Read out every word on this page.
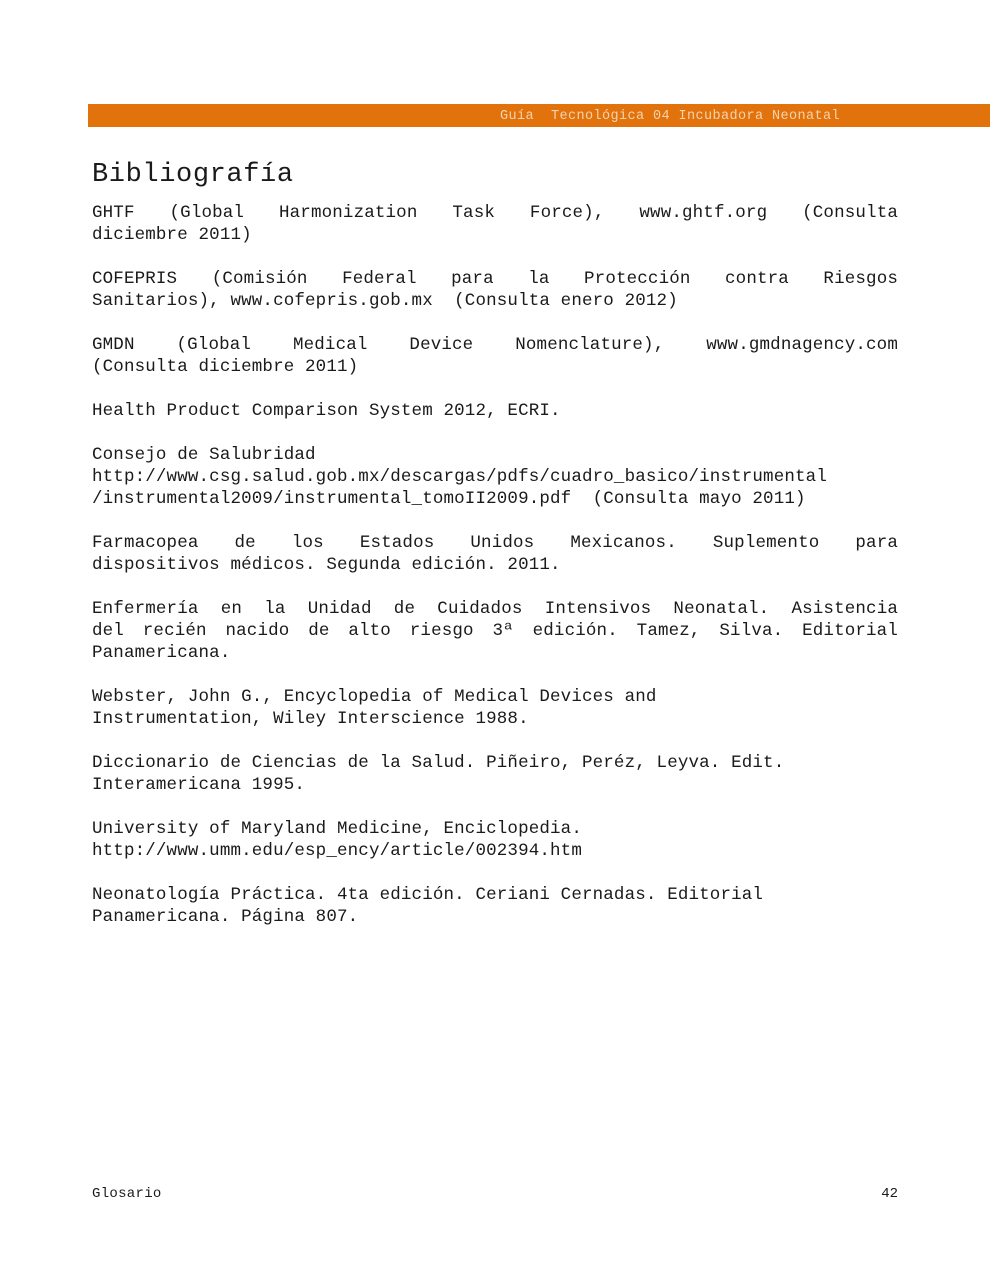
Guía  Tecnológica 04 Incubadora Neonatal
Bibliografía
GHTF (Global Harmonization Task Force), www.ghtf.org (Consulta
diciembre 2011)
COFEPRIS (Comisión Federal para la Protección contra Riesgos
Sanitarios), www.cofepris.gob.mx  (Consulta enero 2012)
GMDN (Global Medical Device Nomenclature), www.gmdnagency.com
(Consulta diciembre 2011)
Health Product Comparison System 2012, ECRI.
Consejo de Salubridad
http://www.csg.salud.gob.mx/descargas/pdfs/cuadro_basico/instrumental
/instrumental2009/instrumental_tomoII2009.pdf  (Consulta mayo 2011)
Farmacopea de los Estados Unidos Mexicanos. Suplemento para
dispositivos médicos. Segunda edición. 2011.
Enfermería en la Unidad de Cuidados Intensivos Neonatal. Asistencia
del recién nacido de alto riesgo 3ª edición. Tamez, Silva. Editorial
Panamericana.
Webster, John G., Encyclopedia of Medical Devices and
Instrumentation, Wiley Interscience 1988.
Diccionario de Ciencias de la Salud. Piñeiro, Peréz, Leyva. Edit.
Interamericana 1995.
University of Maryland Medicine, Enciclopedia.
http://www.umm.edu/esp_ency/article/002394.htm
Neonatología Práctica. 4ta edición. Ceriani Cernadas. Editorial
Panamericana. Página 807.
Glosario	42
